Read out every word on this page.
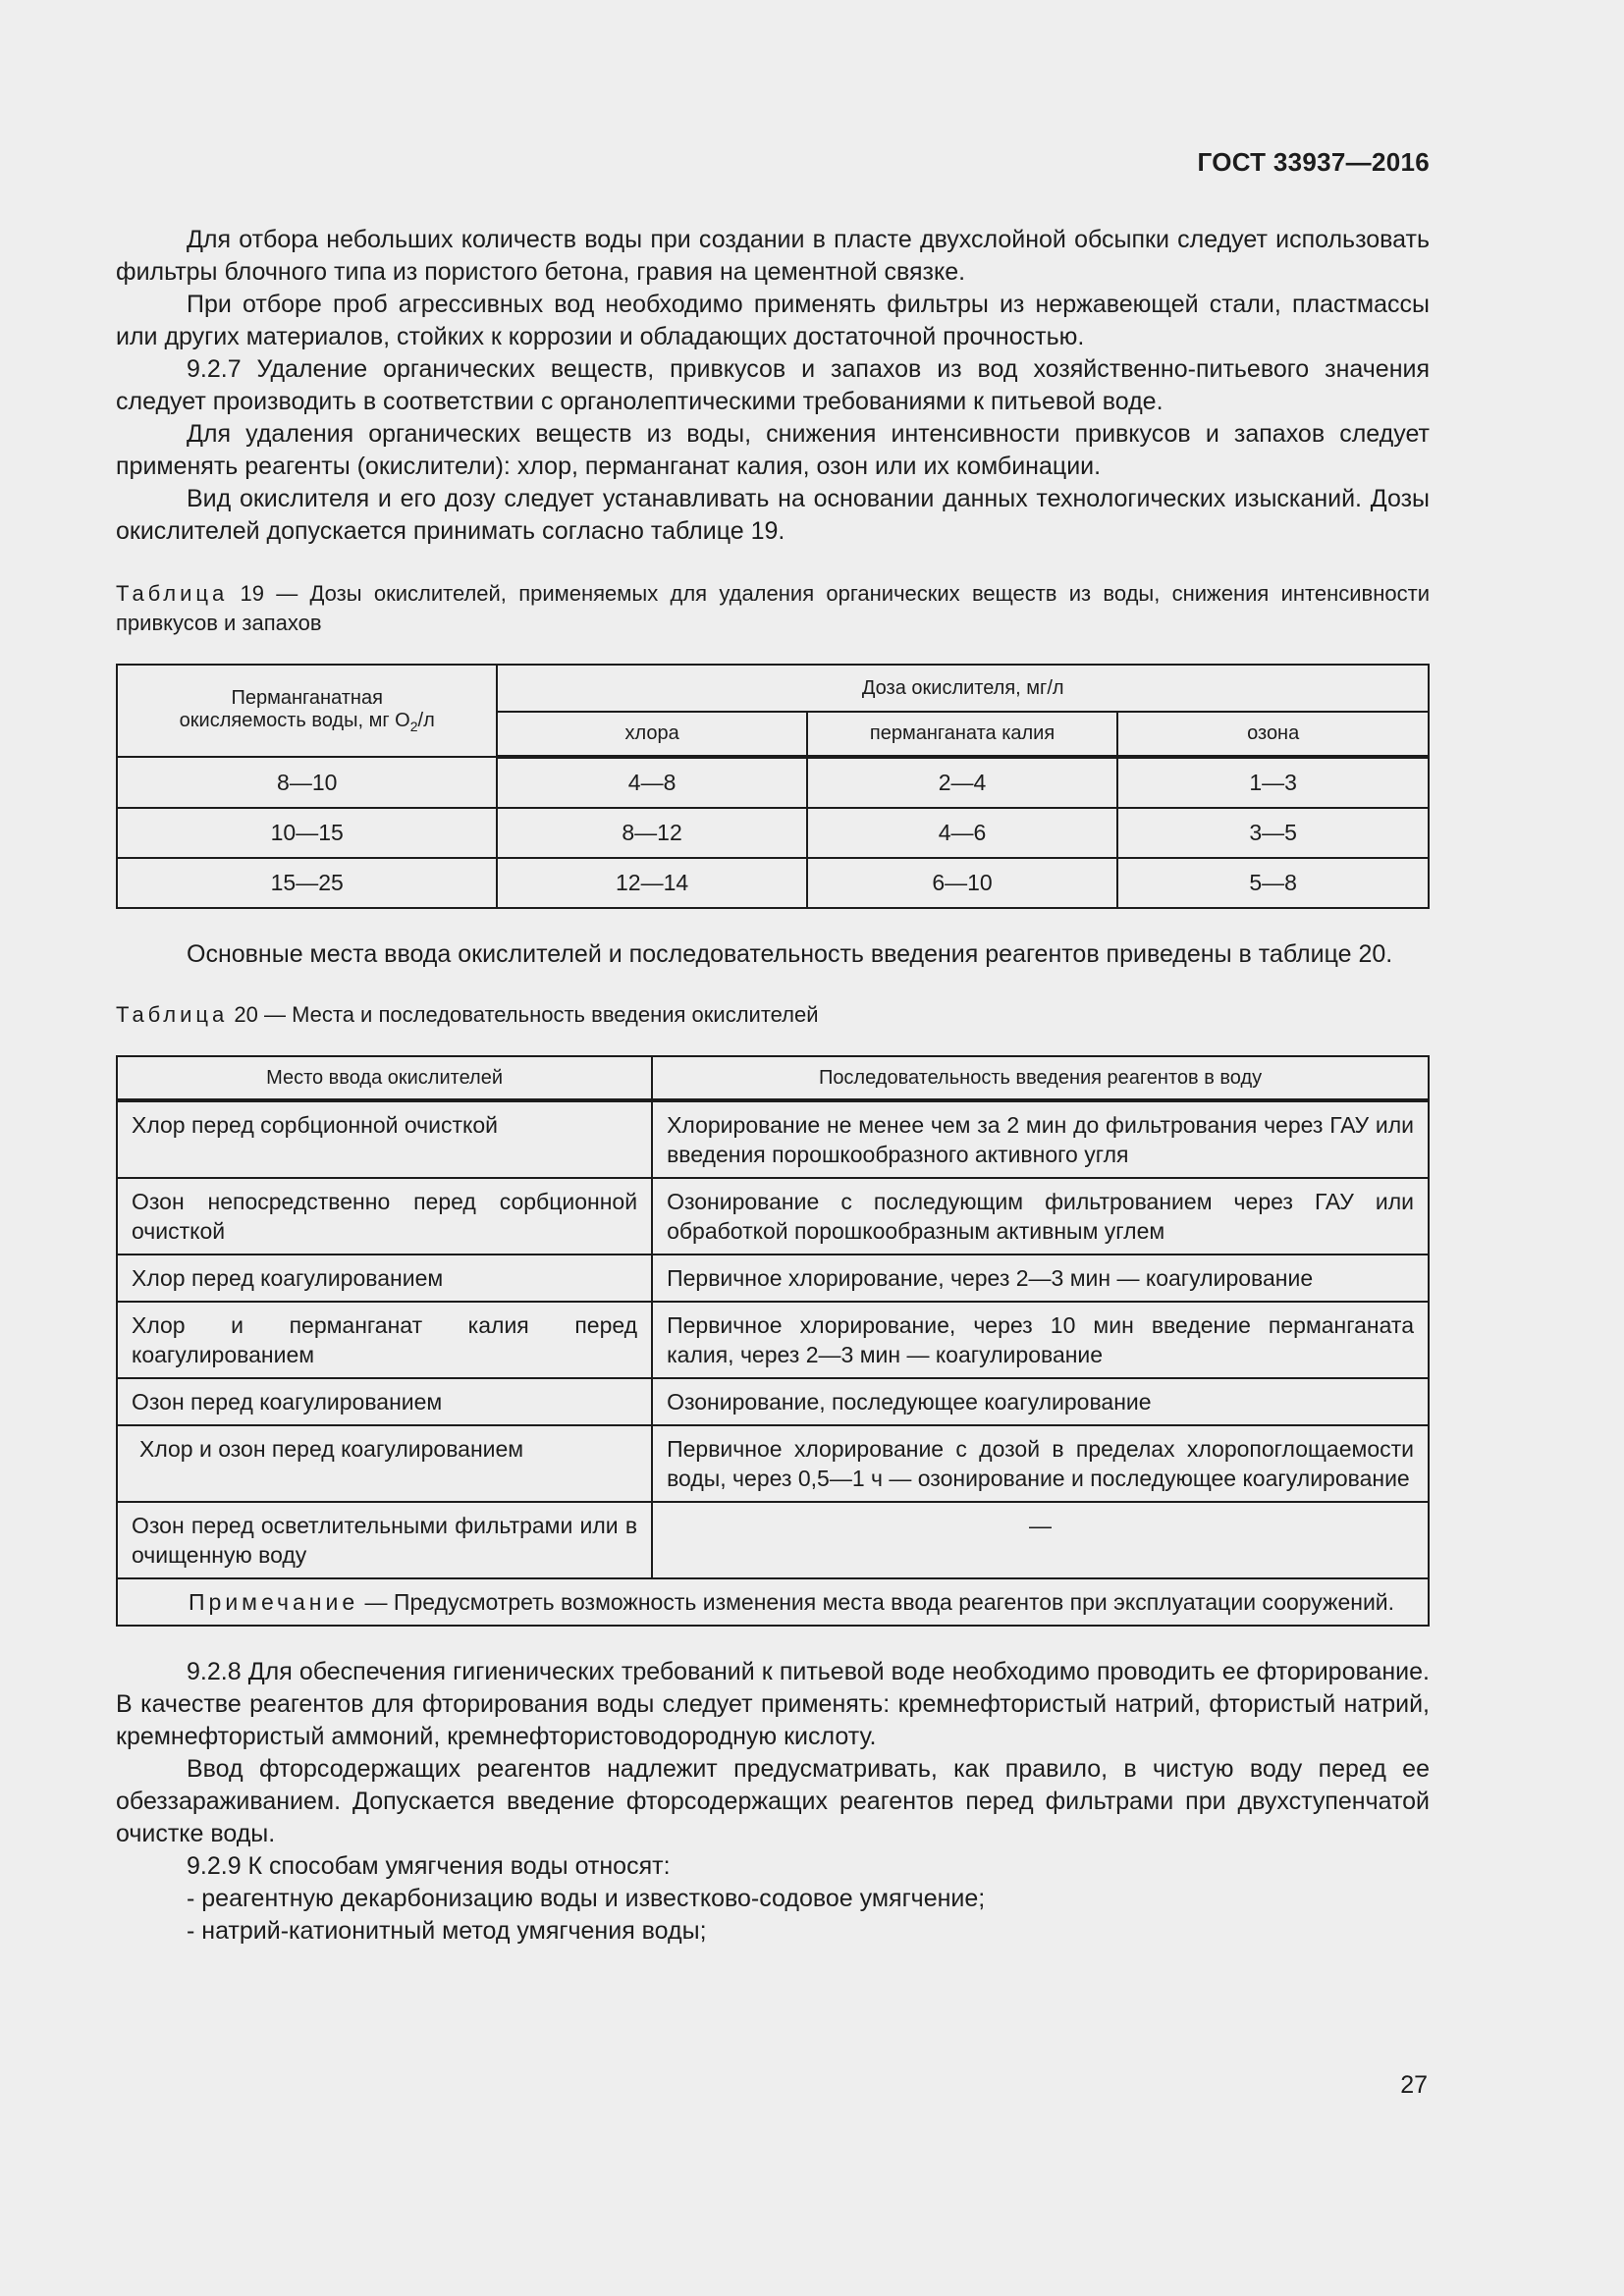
ГОСТ 33937—2016

Для отбора небольших количеств воды при создании в пласте двухслойной обсыпки следует использовать фильтры блочного типа из пористого бетона, гравия на цементной связке.

При отборе проб агрессивных вод необходимо применять фильтры из нержавеющей стали, пластмассы или других материалов, стойких к коррозии и обладающих достаточной прочностью.

9.2.7 Удаление органических веществ, привкусов и запахов из вод хозяйственно-питьевого значения следует производить в соответствии с органолептическими требованиями к питьевой воде.

Для удаления органических веществ из воды, снижения интенсивности привкусов и запахов следует применять реагенты (окислители): хлор, перманганат калия, озон или их комбинации.

Вид окислителя и его дозу следует устанавливать на основании данных технологических изысканий. Дозы окислителей допускается принимать согласно таблице 19.

Таблица 19 — Дозы окислителей, применяемых для удаления органических веществ из воды, снижения интенсивности привкусов и запахов

Перманганатная
окисляемость воды, мг $O_2/л$	Доза окислителя, мг/л		
	хлора	перманганата калия	озона
8—10	4—8	2—4	1—3
10—15	8—12	4—6	3—5
15—25	12—14	6—10	5—8

Основные места ввода окислителей и последовательность введения реагентов приведены в таблице 20.

Таблица 20 — Места и последовательность введения окислителей

Место ввода окислителей	Последовательность введения реагентов в воду
Хлор перед сорбционной очисткой	Хлорирование не менее чем за 2 мин до фильтрования через ГАУ или введения порошкообразного активного угля
Озон непосредственно перед сорбционной очисткой	Озонирование с последующим фильтрованием через ГАУ или обработкой порошкообразным активным углем
Хлор перед коагулированием	Первичное хлорирование, через 2—3 мин — коагулирование
Хлор и перманганат калия перед коагулированием	Первичное хлорирование, через 10 мин введение перманганата калия, через 2—3 мин — коагулирование
Озон перед коагулированием	Озонирование, последующее коагулирование
Хлор и озон перед коагулированием	Первичное хлорирование с дозой в пределах хлоропоглощаемости воды, через 0,5—1 ч — озонирование и последующее коагулирование
Озон перед осветлительными фильтрами или в очищенную воду	—
Примечание — Предусмотреть возможность изменения места ввода реагентов при эксплуатации сооружений.	

9.2.8 Для обеспечения гигиенических требований к питьевой воде необходимо проводить ее фторирование. В качестве реагентов для фторирования воды следует применять: кремнефтористый натрий, фтористый натрий, кремнефтористый аммоний, кремнефтористоводородную кислоту.

Ввод фторсодержащих реагентов надлежит предусматривать, как правило, в чистую воду перед ее обеззараживанием. Допускается введение фторсодержащих реагентов перед фильтрами при двухступенчатой очистке воды.

9.2.9 К способам умягчения воды относят:

- реагентную декарбонизацию воды и известково-содовое умягчение;

- натрий-катионитный метод умягчения воды;

27
